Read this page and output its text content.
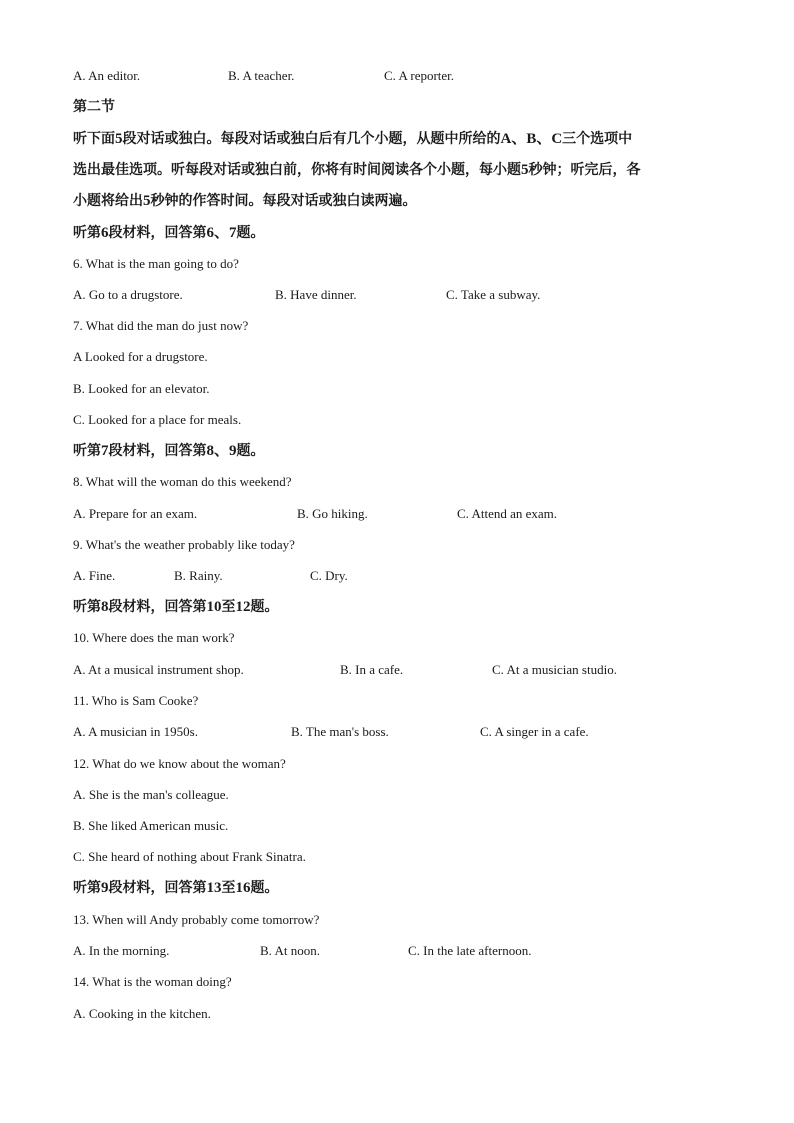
A. An editor.	B. A teacher.	C. A reporter.
第二节
听下面5段对话或独白。每段对话或独白后有几个小题，从题中所给的A、B、C三个选项中
选出最佳选项。听每段对话或独白前，你将有时间阅读各个小题，每小题5秒钟；听完后，各
小题将给出5秒钟的作答时间。每段对话或独白读两遍。
听第6段材料，回答第6、7题。
6. What is the man going to do?
A. Go to a drugstore.	B. Have dinner.	C. Take a subway.
7. What did the man do just now?
A Looked for a drugstore.
B. Looked for an elevator.
C. Looked for a place for meals.
听第7段材料，回答第8、9题。
8. What will the woman do this weekend?
A. Prepare for an exam.	B. Go hiking.	C. Attend an exam.
9. What's the weather probably like today?
A. Fine.	B. Rainy.	C. Dry.
听第8段材料，回答第10至12题。
10. Where does the man work?
A. At a musical instrument shop.	B. In a cafe.	C. At a musician studio.
11. Who is Sam Cooke?
A. A musician in 1950s.	B. The man's boss.	C. A singer in a cafe.
12. What do we know about the woman?
A. She is the man's colleague.
B. She liked American music.
C. She heard of nothing about Frank Sinatra.
听第9段材料，回答第13至16题。
13. When will Andy probably come tomorrow?
A. In the morning.	B. At noon.	C. In the late afternoon.
14. What is the woman doing?
A. Cooking in the kitchen.
